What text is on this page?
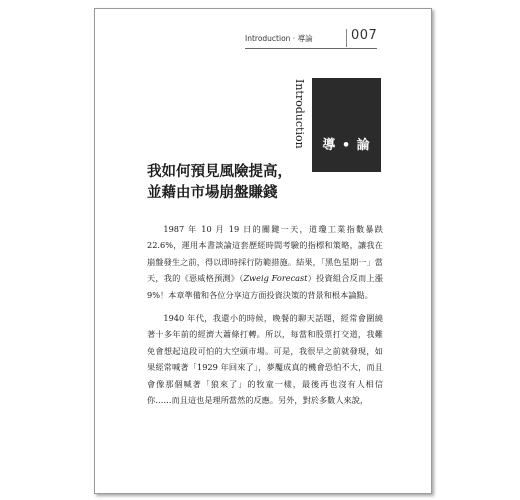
Introduction · 導論	007
Introduction	導 • 論
我如何預見風險提高，
並藉由市場崩盤賺錢

1987 年 10 月 19 日的關鍵一天，道瓊工業指數暴跌 22.6%，運用本書談論這套歷經時間考驗的指標和策略，讓我在崩盤發生之前，得以即時採行防範措施。結果，「黑色星期一」當天，我的《惡威格預測》（Zweig Forecast）投資組合反而上漲 9%！本章準備和各位分享這方面投資決策的背景和根本論點。

1940 年代，我還小的時候，晚餐的聊天話題，經常會圍繞著十多年前的經濟大蕭條打轉。所以，每當和股票打交道，我難免會想起這段可怕的大空頭市場。可是，我很早之前就發現，如果經常喊著「1929 年回來了」，夢魘成真的機會恐怕不大，而且會像那個喊著「狼來了」的牧童一樣，最後再也沒有人相信你……而且這也是理所當然的反應。另外，對於多數人來說，
